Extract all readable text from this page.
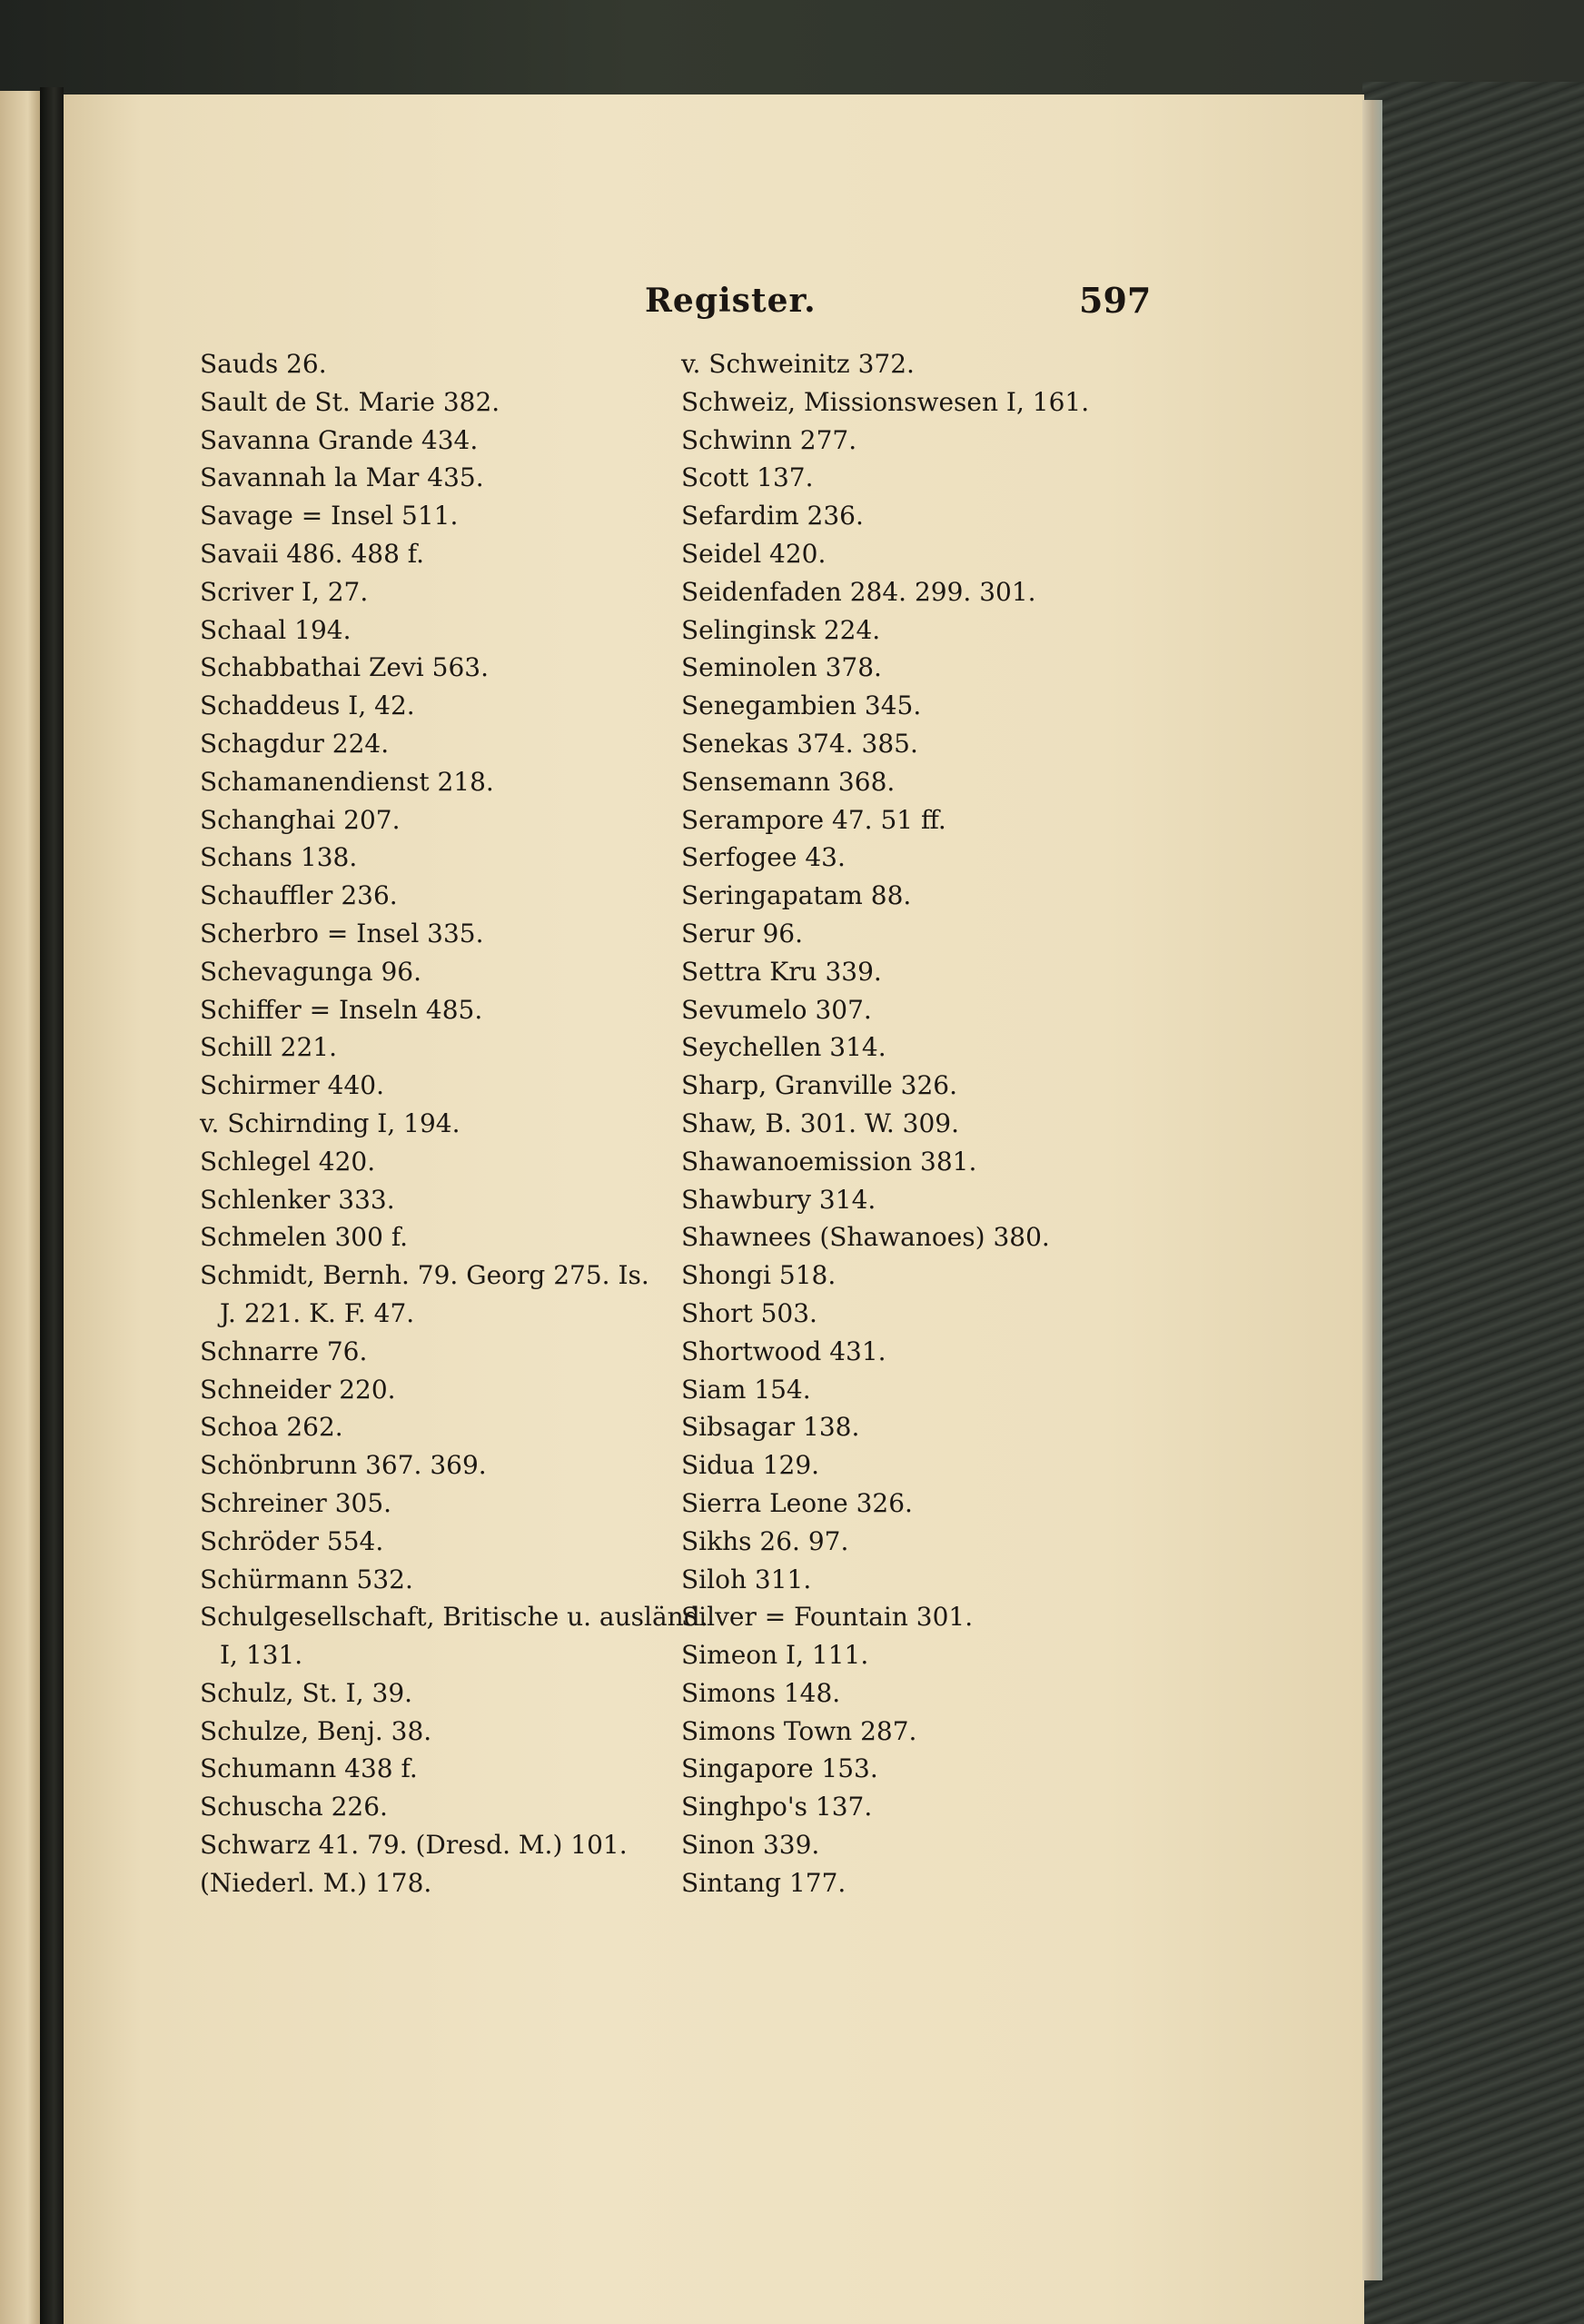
Register.	597
Sauds 26.
Sault de St. Marie 382.
Savanna Grande 434.
Savannah la Mar 435.
Savage = Insel 511.
Savaii 486. 488 f.
Scriver I, 27.
Schaal 194.
Schabbathai Zevi 563.
Schaddeus I, 42.
Schagdur 224.
Schamanendienst 218.
Schanghai 207.
Schans 138.
Schauffler 236.
Scherbro = Insel 335.
Schevagunga 96.
Schiffer = Inseln 485.
Schill 221.
Schirmer 440.
v. Schirnding I, 194.
Schlegel 420.
Schlenker 333.
Schmelen 300 f.
Schmidt, Bernh. 79. Georg 275. Is.
J. 221. K. F. 47.
Schnarre 76.
Schneider 220.
Schoa 262.
Schönbrunn 367. 369.
Schreiner 305.
Schröder 554.
Schürmann 532.
Schulgesellschaft, Britische u. ausländ.
I, 131.
Schulz, St. I, 39.
Schulze, Benj. 38.
Schumann 438 f.
Schuscha 226.
Schwarz 41. 79. (Dresd. M.) 101.
(Niederl. M.) 178.
v. Schweinitz 372.
Schweiz, Missionswesen I, 161.
Schwinn 277.
Scott 137.
Sefardim 236.
Seidel 420.
Seidenfaden 284. 299. 301.
Selinginsk 224.
Seminolen 378.
Senegambien 345.
Senekas 374. 385.
Sensemann 368.
Serampore 47. 51 ff.
Serfogee 43.
Seringapatam 88.
Serur 96.
Settra Kru 339.
Sevumelo 307.
Seychellen 314.
Sharp, Granville 326.
Shaw, B. 301. W. 309.
Shawanoemission 381.
Shawbury 314.
Shawnees (Shawanoes) 380.
Shongi 518.
Short 503.
Shortwood 431.
Siam 154.
Sibsagar 138.
Sidua 129.
Sierra Leone 326.
Sikhs 26. 97.
Siloh 311.
Silver = Fountain 301.
Simeon I, 111.
Simons 148.
Simons Town 287.
Singapore 153.
Singhpo's 137.
Sinon 339.
Sintang 177.
